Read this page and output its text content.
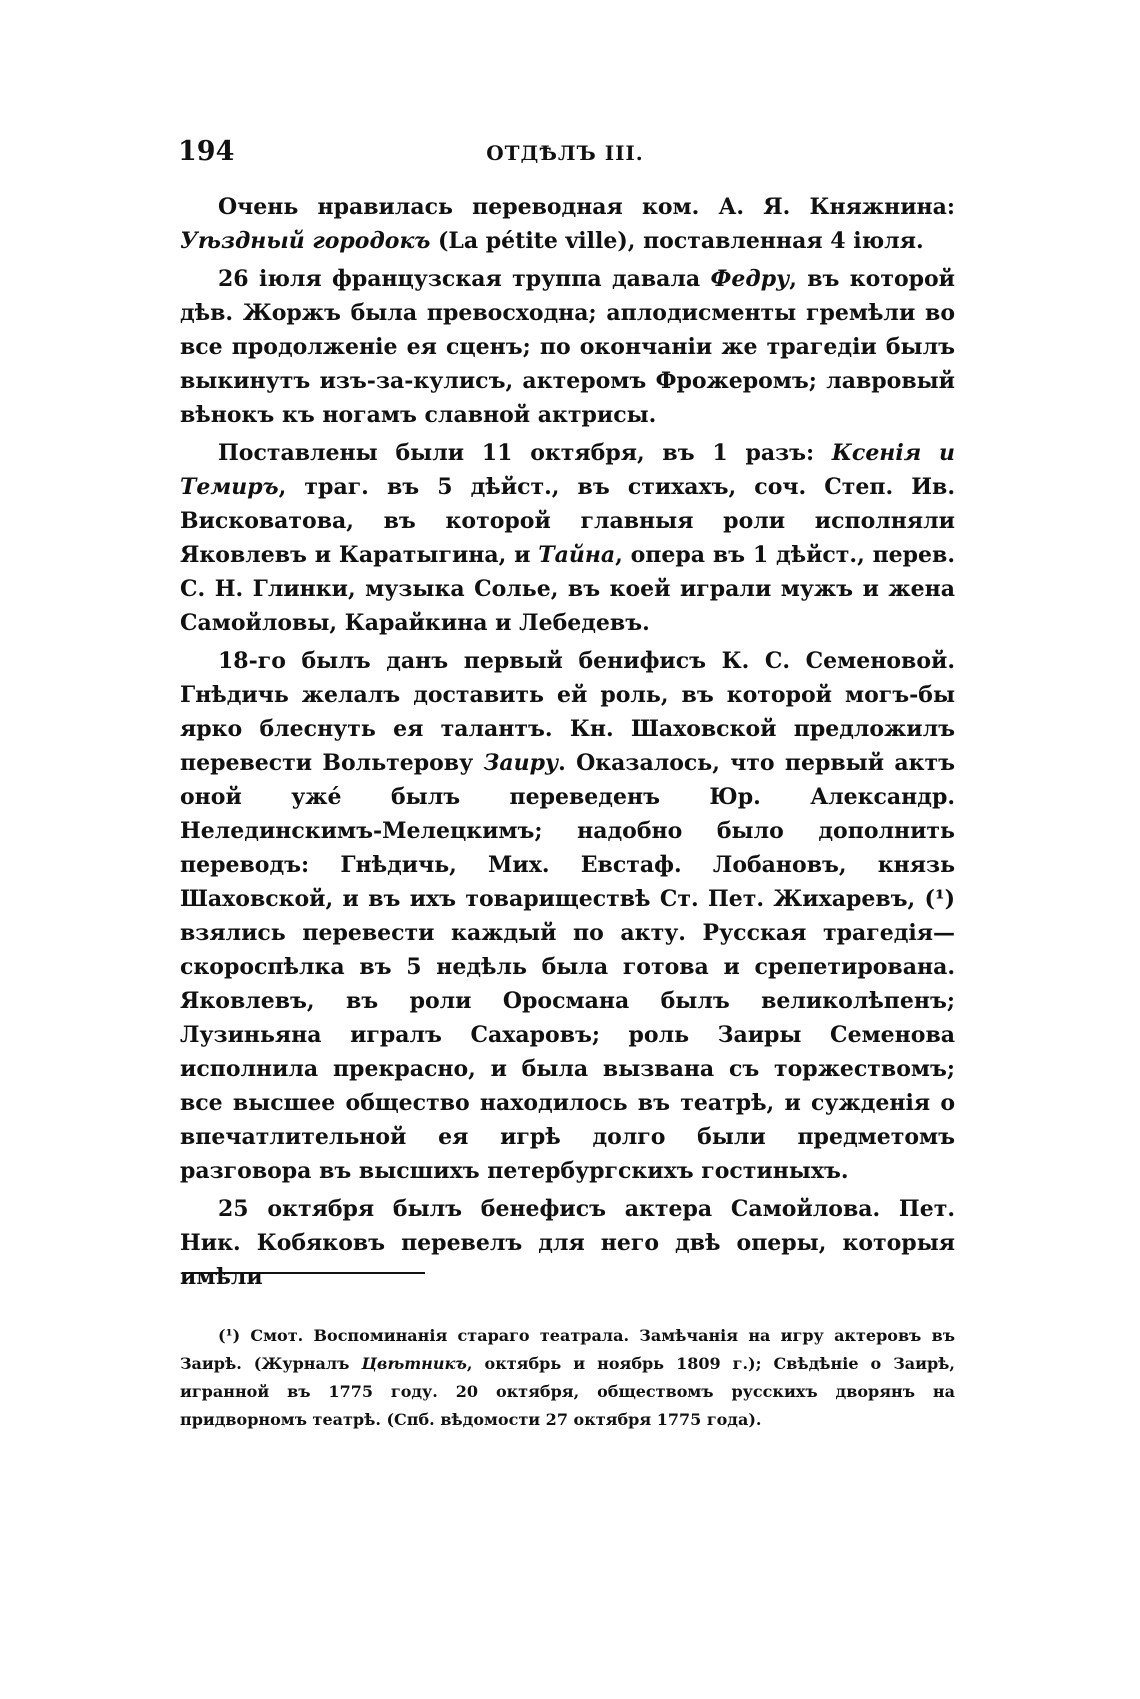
194	ОТДѢЛЪ III.

Очень нравилась переводная ком. А. Я. Княжнина: Уѣздный городокъ (La pétite ville), поставленная 4 іюля.

26 іюля французская труппа давала Федру, въ которой дѣв. Жоржъ была превосходна; аплодисменты гремѣли во все продолженіе ея сценъ; по окончаніи же трагедіи былъ выкинутъ изъ-за-кулисъ, актеромъ Фрожеромъ; лавровый вѣнокъ къ ногамъ славной актрисы.

Поставлены были 11 октября, въ 1 разъ: Ксенія и Темиръ, траг. въ 5 дѣйст., въ стихахъ, соч. Степ. Ив. Висковатова, въ которой главныя роли исполняли Яковлевъ и Каратыгина, и Тайна, опера въ 1 дѣйст., перев. С. Н. Глинки, музыка Солье, въ коей играли мужъ и жена Самойловы, Карайкина и Лебедевъ.

18-го былъ данъ первый бенифисъ К. С. Семеновой. Гнѣдичь желалъ доставить ей роль, въ которой могъ-бы ярко блеснуть ея талантъ. Кн. Шаховской предложилъ перевести Вольтерову Заиру. Оказалось, что первый актъ оной ужé былъ переведенъ Юр. Александр. Нелединскимъ-Мелецкимъ; надобно было дополнить переводъ: Гнѣдичь, Мих. Евстаф. Лобановъ, князь Шаховской, и въ ихъ товариществѣ Ст. Пет. Жихаревъ, (¹) взялись перевести каждый по акту. Русская трагедія—скороспѣлка въ 5 недѣль была готова и срепетирована. Яковлевъ, въ роли Оросмана былъ великолѣпенъ; Лузиньяна игралъ Сахаровъ; роль Заиры Семенова исполнила прекрасно, и была вызвана съ торжествомъ; все высшее общество находилось въ театрѣ, и сужденія о впечатлительной ея игрѣ долго были предметомъ разговора въ высшихъ петербургскихъ гостиныхъ.

25 октября былъ бенефисъ актера Самойлова. Пет. Ник. Кобяковъ перевелъ для него двѣ оперы, которыя имѣли

(¹) Смот. Воспоминанія стараго театрала. Замѣчанія на игру актеровъ въ Заирѣ. (Журналъ Цвѣтникъ, октябрь и ноябрь 1809 г.); Свѣдѣніе о Заирѣ, игранной въ 1775 году. 20 октября, обществомъ русскихъ дворянъ на придворномъ театрѣ. (Спб. вѣдомости 27 октября 1775 года).
